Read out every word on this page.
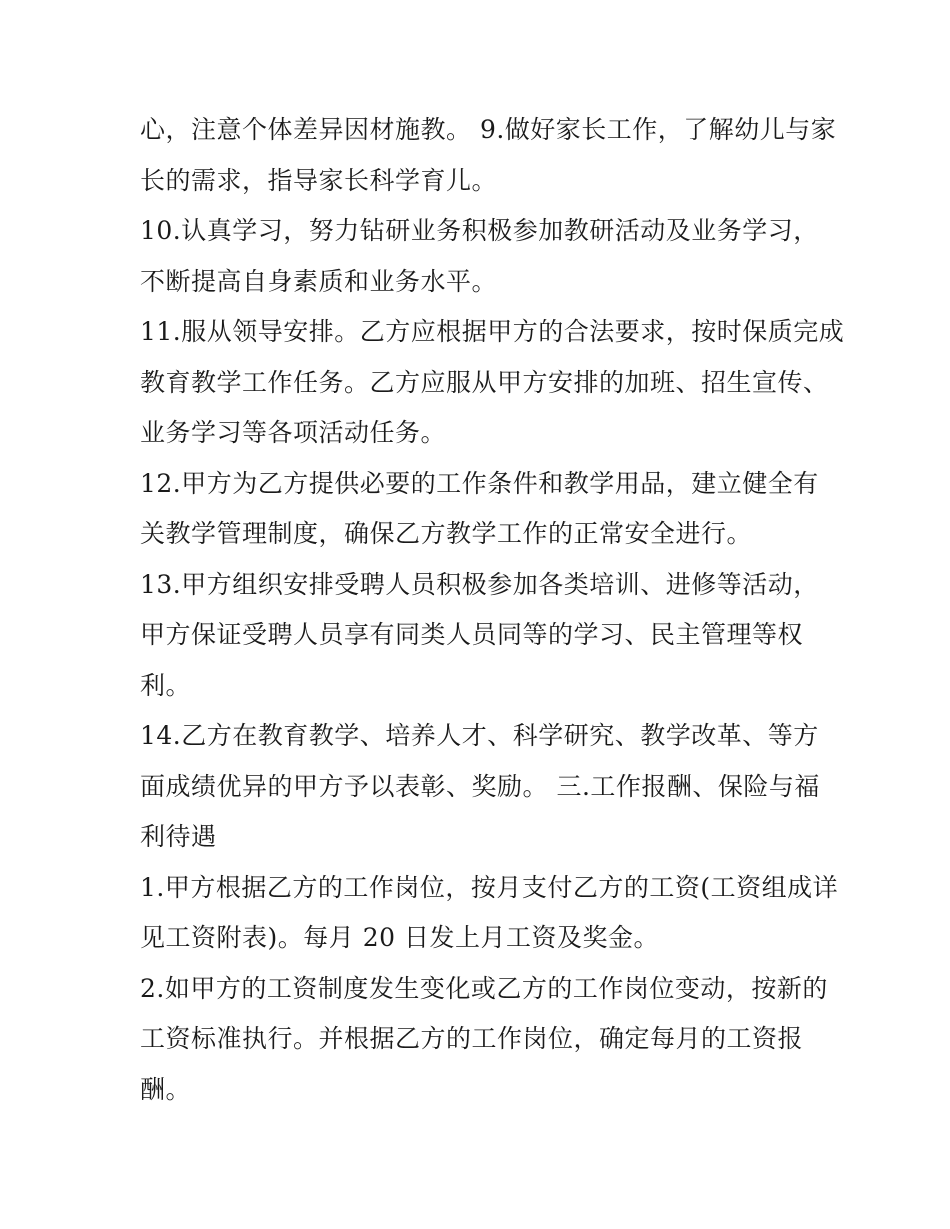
心，注意个体差异因材施教。 9.做好家长工作，了解幼儿与家
长的需求，指导家长科学育儿。
10.认真学习，努力钻研业务积极参加教研活动及业务学习，
不断提高自身素质和业务水平。
11.服从领导安排。乙方应根据甲方的合法要求，按时保质完成
教育教学工作任务。乙方应服从甲方安排的加班、招生宣传、
业务学习等各项活动任务。
12.甲方为乙方提供必要的工作条件和教学用品，建立健全有
关教学管理制度，确保乙方教学工作的正常安全进行。
13.甲方组织安排受聘人员积极参加各类培训、进修等活动，
甲方保证受聘人员享有同类人员同等的学习、民主管理等权
利。
14.乙方在教育教学、培养人才、科学研究、教学改革、等方
面成绩优异的甲方予以表彰、奖励。 三.工作报酬、保险与福
利待遇
1.甲方根据乙方的工作岗位，按月支付乙方的工资(工资组成详
见工资附表)。每月 20 日发上月工资及奖金。
2.如甲方的工资制度发生变化或乙方的工作岗位变动，按新的
工资标准执行。并根据乙方的工作岗位，确定每月的工资报
酬。
